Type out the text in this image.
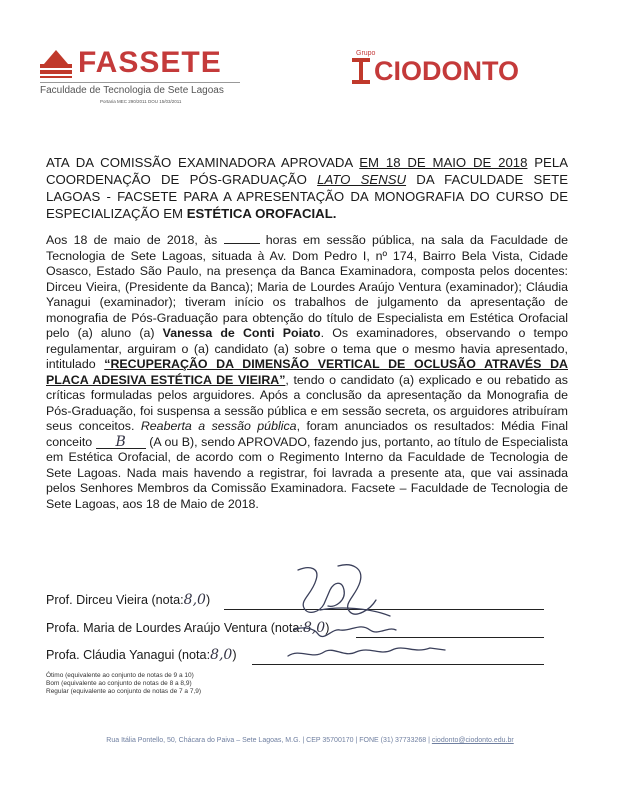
FASSETE
Faculdade de Tecnologia de Sete Lagoas
Portaria MEC 290/2011 DOU 15/03/2011
Grupo
CIODONTO
ATA DA COMISSÃO EXAMINADORA APROVADA EM 18 DE MAIO DE 2018 PELA COORDENAÇÃO DE PÓS-GRADUAÇÃO LATO SENSU DA FACULDADE SETE LAGOAS - FACSETE PARA A APRESENTAÇÃO DA MONOGRAFIA DO CURSO DE ESPECIALIZAÇÃO EM ESTÉTICA OROFACIAL.
Aos 18 de maio de 2018, às	horas em sessão pública, na sala da Faculdade de Tecnologia de Sete Lagoas, situada à Av. Dom Pedro I, nº 174, Bairro Bela Vista, Cidade Osasco, Estado São Paulo, na presença da Banca Examinadora, composta pelos docentes: Dirceu Vieira, (Presidente da Banca); Maria de Lourdes Araújo Ventura (examinador); Cláudia Yanagui (examinador); tiveram início os trabalhos de julgamento da apresentação de monografia de Pós-Graduação para obtenção do título de Especialista em Estética Orofacial pelo (a) aluno (a) Vanessa de Conti Poiato. Os examinadores, observando o tempo regulamentar, arguiram o (a) candidato (a) sobre o tema que o mesmo havia apresentado, intitulado “RECUPERAÇÃO DA DIMENSÃO VERTICAL DE OCLUSÃO ATRAVÉS DA PLACA ADESIVA ESTÉTICA DE VIEIRA”, tendo o candidato (a) explicado e ou rebatido as críticas formuladas pelos arguidores. Após a conclusão da apresentação da Monografia de Pós-Graduação, foi suspensa a sessão pública e em sessão secreta, os arguidores atribuíram seus conceitos. Reaberta a sessão pública, foram anunciados os resultados: Média Final conceito B (A ou B), sendo APROVADO, fazendo jus, portanto, ao título de Especialista em Estética Orofacial, de acordo com o Regimento Interno da Faculdade de Tecnologia de Sete Lagoas. Nada mais havendo a registrar, foi lavrada a presente ata, que vai assinada pelos Senhores Membros da Comissão Examinadora. Facsete – Faculdade de Tecnologia de Sete Lagoas, aos 18 de Maio de 2018.
Prof. Dirceu Vieira (nota:8,0)
Profa. Maria de Lourdes Araújo Ventura (nota:8,0)
Profa. Cláudia Yanagui (nota:8,0)
Ótimo (equivalente ao conjunto de notas de 9 a 10)
Bom (equivalente ao conjunto de notas de 8 a 8,9)
Regular (equivalente ao conjunto de notas de 7 a 7,9)
Rua Itália Pontello, 50, Chácara do Paiva – Sete Lagoas, M.G. | CEP 35700170 | FONE (31) 37733268 | ciodonto@ciodonto.edu.br
